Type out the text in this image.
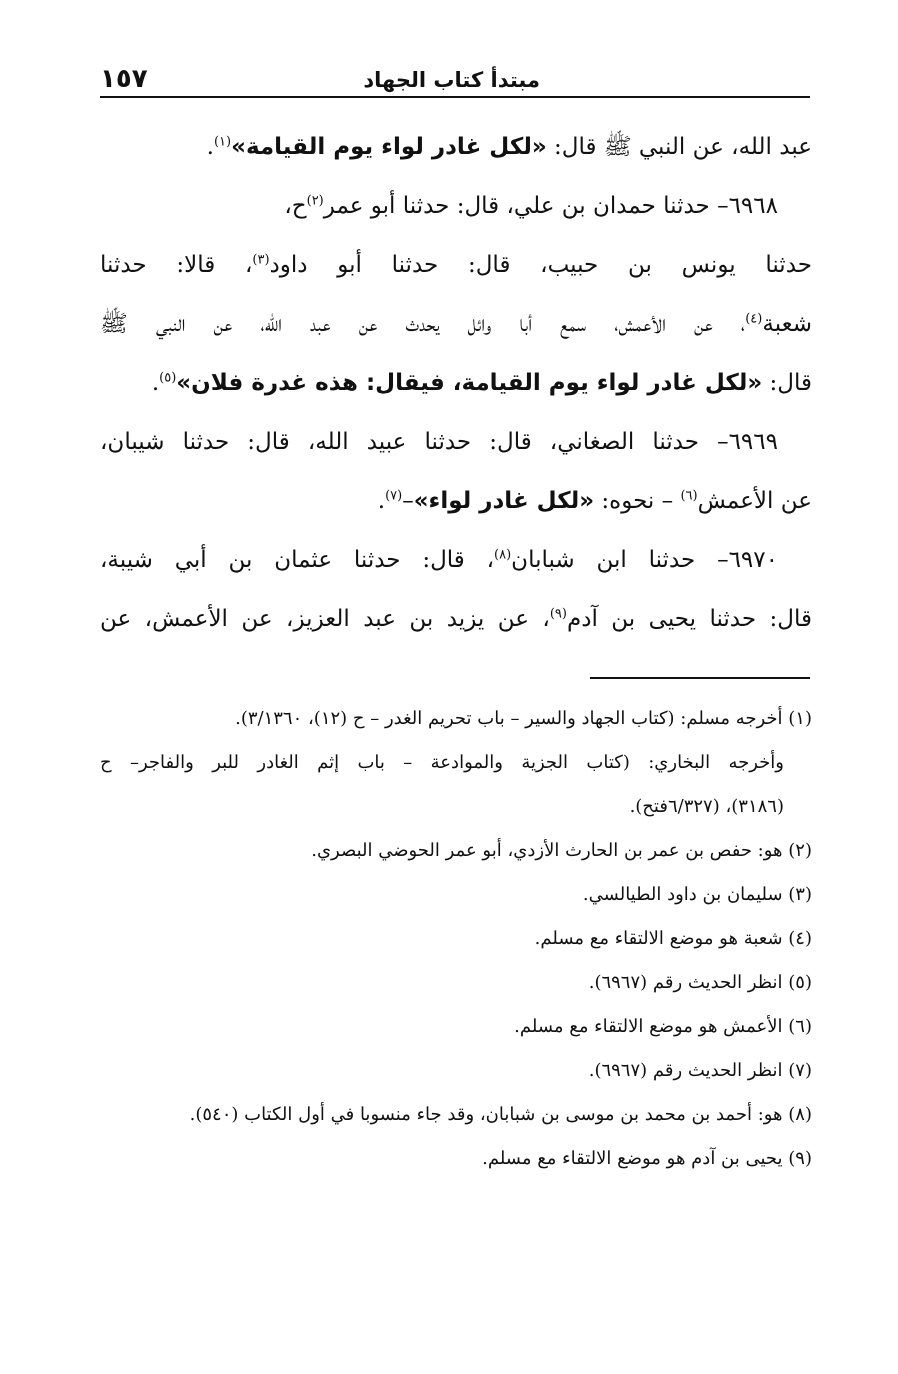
مبتدأ كتاب الجهاد
١٥٧
عبد الله، عن النبي ﷺ قال: «لكل غادر لواء يوم القيامة»$^{(١)}$.
٦٩٦٨– حدثنا حمدان بن علي، قال: حدثنا أبو عمر$^{(٢)}$ح،
حدثنا يونس بن حبيب، قال: حدثنا أبو داود$^{(٣)}$، قالا: حدثنا
شعبة$^{(٤)}$، عن الأعمش، سمع أبا وائل يحدث عن عبد الله، عن النبي ﷺ
قال: «لكل غادر لواء يوم القيامة، فيقال: هذه غدرة فلان»$^{(٥)}$.
٦٩٦٩– حدثنا الصغاني، قال: حدثنا عبيد الله، قال: حدثنا شيبان،
عن الأعمش$^{(٦)}$ – نحوه: «لكل غادر لواء»–$^{(٧)}$.
٦٩٧٠– حدثنا ابن شبابان$^{(٨)}$، قال: حدثنا عثمان بن أبي شيبة،
قال: حدثنا يحيى بن آدم$^{(٩)}$، عن يزيد بن عبد العزيز، عن الأعمش، عن
(١) أخرجه مسلم: (كتاب الجهاد والسير – باب تحريم الغدر – ح (١٢)، ٣/١٣٦٠).
وأخرجه البخاري: (كتاب الجزية والموادعة – باب إثم الغادر للبر والفاجر– ح
(٣١٨٦)، (٦/٣٢٧فتح).
(٢) هو: حفص بن عمر بن الحارث الأزدي، أبو عمر الحوضي البصري.
(٣) سليمان بن داود الطيالسي.
(٤) شعبة هو موضع الالتقاء مع مسلم.
(٥) انظر الحديث رقم (٦٩٦٧).
(٦) الأعمش هو موضع الالتقاء مع مسلم.
(٧) انظر الحديث رقم (٦٩٦٧).
(٨) هو: أحمد بن محمد بن موسى بن شبابان، وقد جاء منسوبا في أول الكتاب (٥٤٠).
(٩) يحيى بن آدم هو موضع الالتقاء مع مسلم.
